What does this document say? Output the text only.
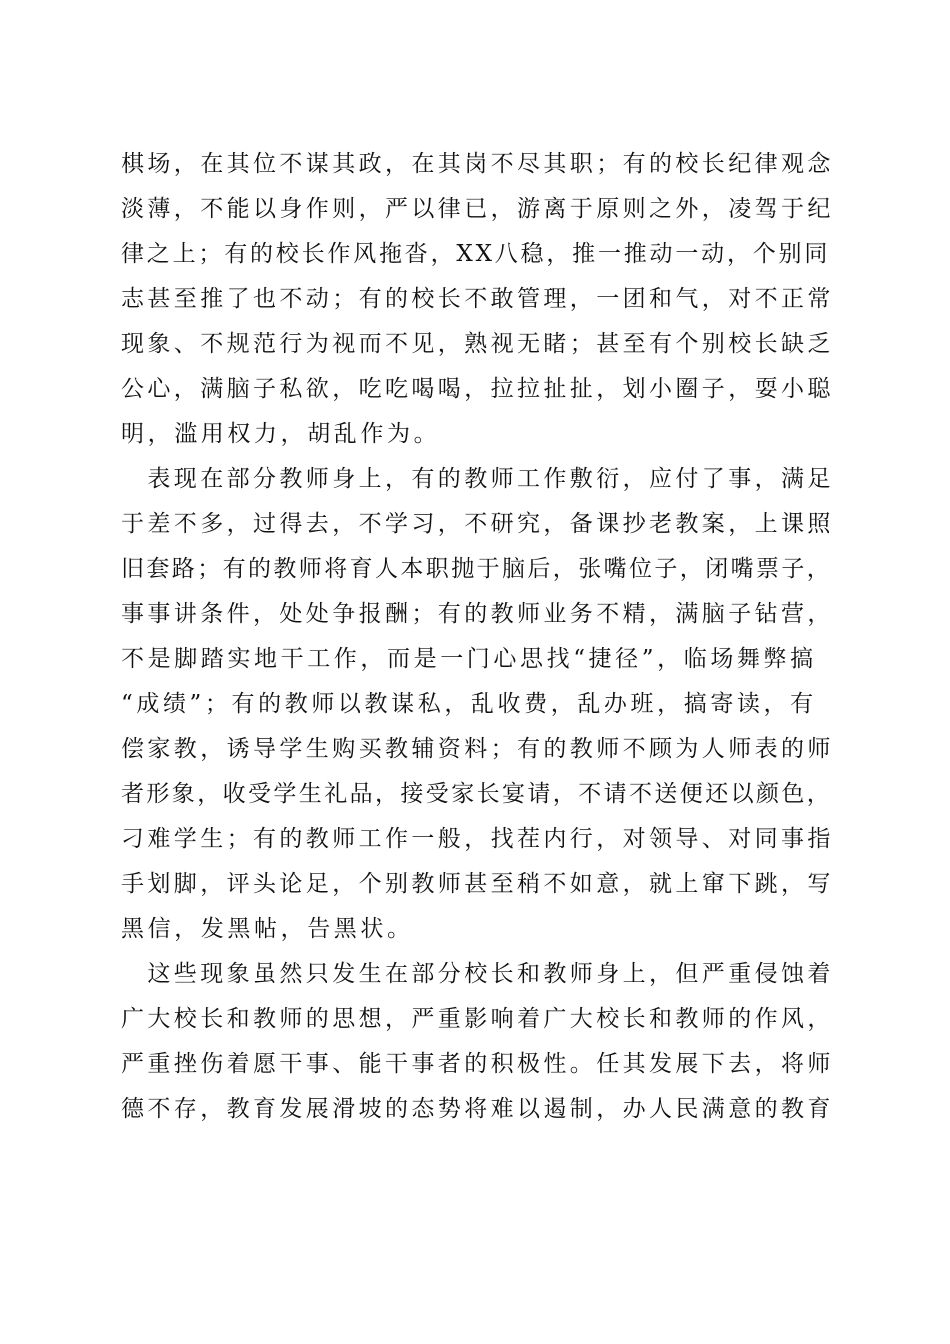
棋场，在其位不谋其政，在其岗不尽其职；有的校长纪律观念
淡薄，不能以身作则，严以律已，游离于原则之外，凌驾于纪
律之上；有的校长作风拖沓，XX八稳，推一推动一动，个别同
志甚至推了也不动；有的校长不敢管理，一团和气，对不正常
现象、不规范行为视而不见，熟视无睹；甚至有个别校长缺乏
公心，满脑子私欲，吃吃喝喝，拉拉扯扯，划小圈子，耍小聪
明，滥用权力，胡乱作为。
　表现在部分教师身上，有的教师工作敷衍，应付了事，满足
于差不多，过得去，不学习，不研究，备课抄老教案，上课照
旧套路；有的教师将育人本职抛于脑后，张嘴位子，闭嘴票子，
事事讲条件，处处争报酬；有的教师业务不精，满脑子钻营，
不是脚踏实地干工作，而是一门心思找“捷径”，临场舞弊搞
“成绩”；有的教师以教谋私，乱收费，乱办班，搞寄读，有
偿家教，诱导学生购买教辅资料；有的教师不顾为人师表的师
者形象，收受学生礼品，接受家长宴请，不请不送便还以颜色，
刁难学生；有的教师工作一般，找茬内行，对领导、对同事指
手划脚，评头论足，个别教师甚至稍不如意，就上窜下跳，写
黑信，发黑帖，告黑状。
　这些现象虽然只发生在部分校长和教师身上，但严重侵蚀着
广大校长和教师的思想，严重影响着广大校长和教师的作风，
严重挫伤着愿干事、能干事者的积极性。任其发展下去，将师
德不存，教育发展滑坡的态势将难以遏制，办人民满意的教育
